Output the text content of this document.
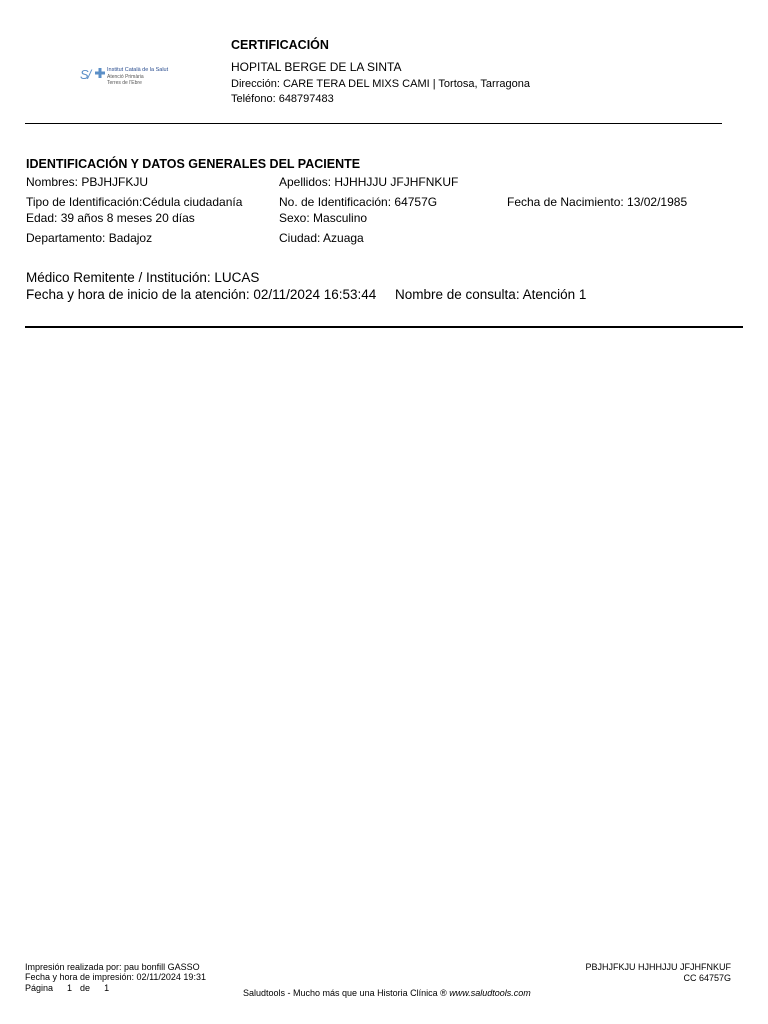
S/	Institut Català de la Salut
Atenció Primària
Terres de l'Ebre
CERTIFICACIÓN
HOPITAL BERGE DE LA SINTA
Dirección: CARE TERA DEL MIXS CAMI | Tortosa, Tarragona
Teléfono: 648797483
IDENTIFICACIÓN Y DATOS GENERALES DEL PACIENTE
Nombres: PBJHJFKJU	Apellidos: HJHHJJU JFJHFNKUF
Tipo de Identificación:Cédula ciudadanía	No. de Identificación: 64757G	Fecha de Nacimiento: 13/02/1985
Edad: 39 años 8 meses 20 días	Sexo: Masculino
Departamento: Badajoz	Ciudad: Azuaga
Médico Remitente / Institución: LUCAS
Fecha y hora de inicio de la atención: 02/11/2024 16:53:44 Nombre de consulta: Atención 1
Impresión realizada por: pau bonfill GASSO
Fecha y hora de impresión: 02/11/2024 19:31
Página 1 de 1	Saludtools - Mucho más que una Historia Clínica ® www.saludtools.com
PBJHJFKJU HJHHJJU JFJHFNKUF
CC 64757G
